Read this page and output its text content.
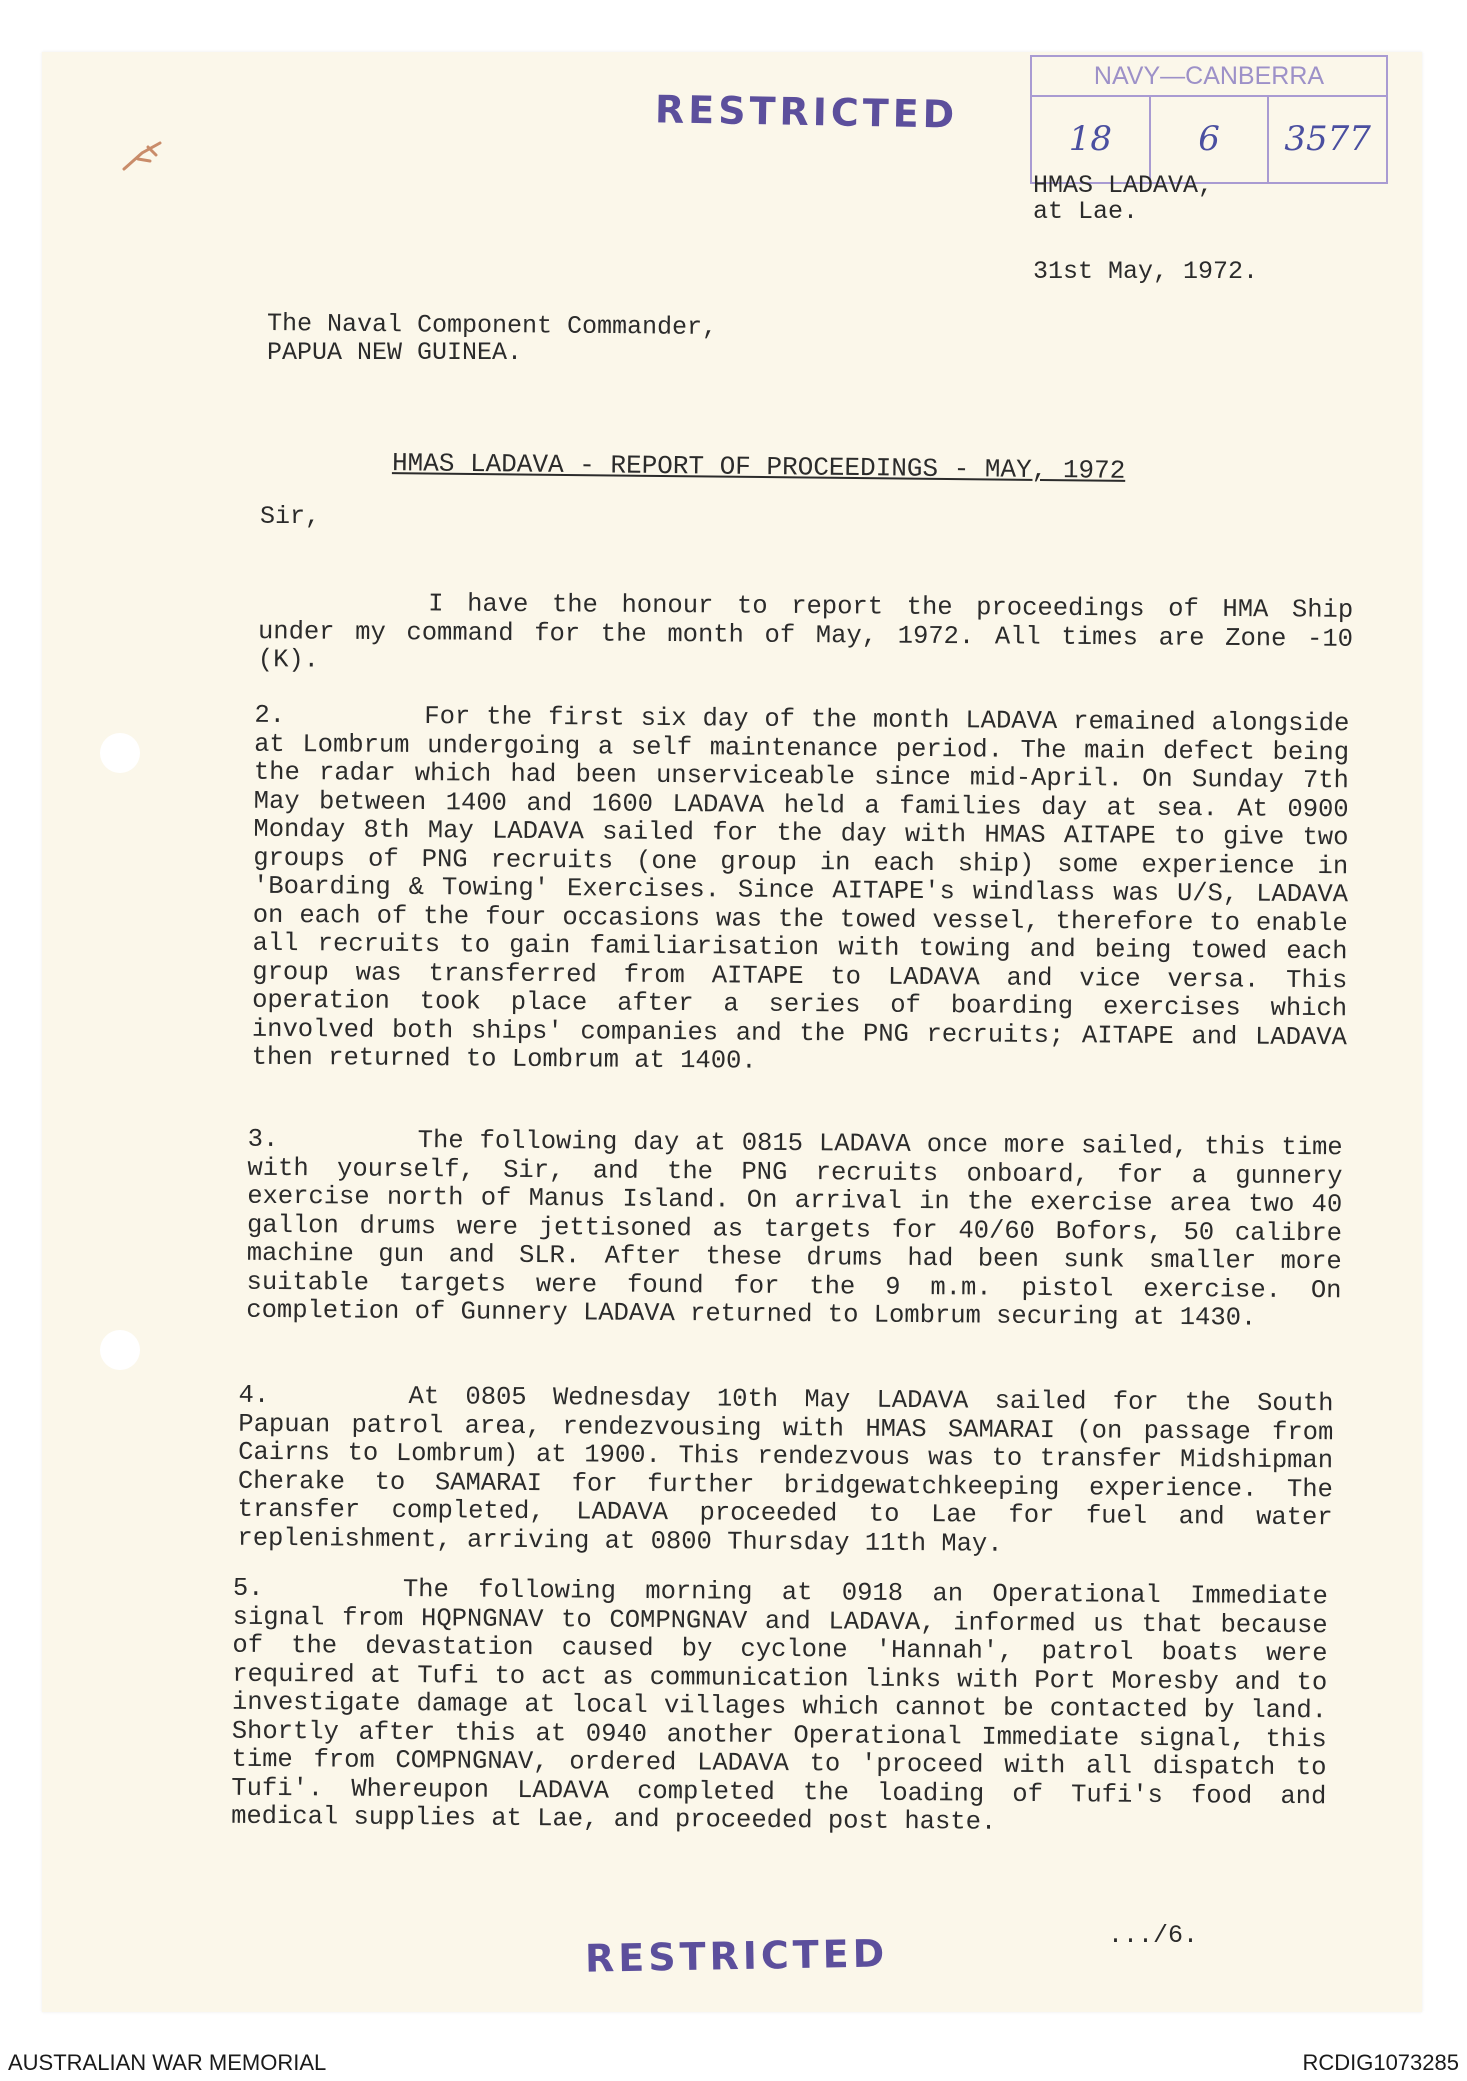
RESTRICTED
NAVY—CANBERRA
18	6	3577
HMAS LADAVA,
at Lae.
31st May, 1972.
The Naval Component Commander,
PAPUA NEW GUINEA.
HMAS LADAVA - REPORT OF PROCEEDINGS - MAY, 1972
Sir,

I have the honour to report the proceedings of HMA Ship under my command for the month of May, 1972. All times are Zone -10 (K).

2.	For the first six day of the month LADAVA remained alongside at Lombrum undergoing a self maintenance period. The main defect being the radar which had been unserviceable since mid-April. On Sunday 7th May between 1400 and 1600 LADAVA held a families day at sea. At 0900 Monday 8th May LADAVA sailed for the day with HMAS AITAPE to give two groups of PNG recruits (one group in each ship) some experience in 'Boarding & Towing' Exercises. Since AITAPE's windlass was U/S, LADAVA on each of the four occasions was the towed vessel, therefore to enable all recruits to gain familiarisation with towing and being towed each group was transferred from AITAPE to LADAVA and vice versa. This operation took place after a series of boarding exercises which involved both ships' companies and the PNG recruits; AITAPE and LADAVA then returned to Lombrum at 1400.

3.	The following day at 0815 LADAVA once more sailed, this time with yourself, Sir, and the PNG recruits onboard, for a gunnery exercise north of Manus Island. On arrival in the exercise area two 40 gallon drums were jettisoned as targets for 40/60 Bofors, 50 calibre machine gun and SLR. After these drums had been sunk smaller more suitable targets were found for the 9 m.m. pistol exercise. On completion of Gunnery LADAVA returned to Lombrum securing at 1430.

4.	At 0805 Wednesday 10th May LADAVA sailed for the South Papuan patrol area, rendezvousing with HMAS SAMARAI (on passage from Cairns to Lombrum) at 1900. This rendezvous was to transfer Midshipman Cherake to SAMARAI for further bridgewatchkeeping experience. The transfer completed, LADAVA proceeded to Lae for fuel and water replenishment, arriving at 0800 Thursday 11th May.

5.	The following morning at 0918 an Operational Immediate signal from HQPNGNAV to COMPNGNAV and LADAVA, informed us that because of the devastation caused by cyclone 'Hannah', patrol boats were required at Tufi to act as communication links with Port Moresby and to investigate damage at local villages which cannot be contacted by land. Shortly after this at 0940 another Operational Immediate signal, this time from COMPNGNAV, ordered LADAVA to 'proceed with all dispatch to Tufi'. Whereupon LADAVA completed the loading of Tufi's food and medical supplies at Lae, and proceeded post haste.

.../6.
RESTRICTED
AUSTRALIAN WAR MEMORIAL	RCDIG1073285
